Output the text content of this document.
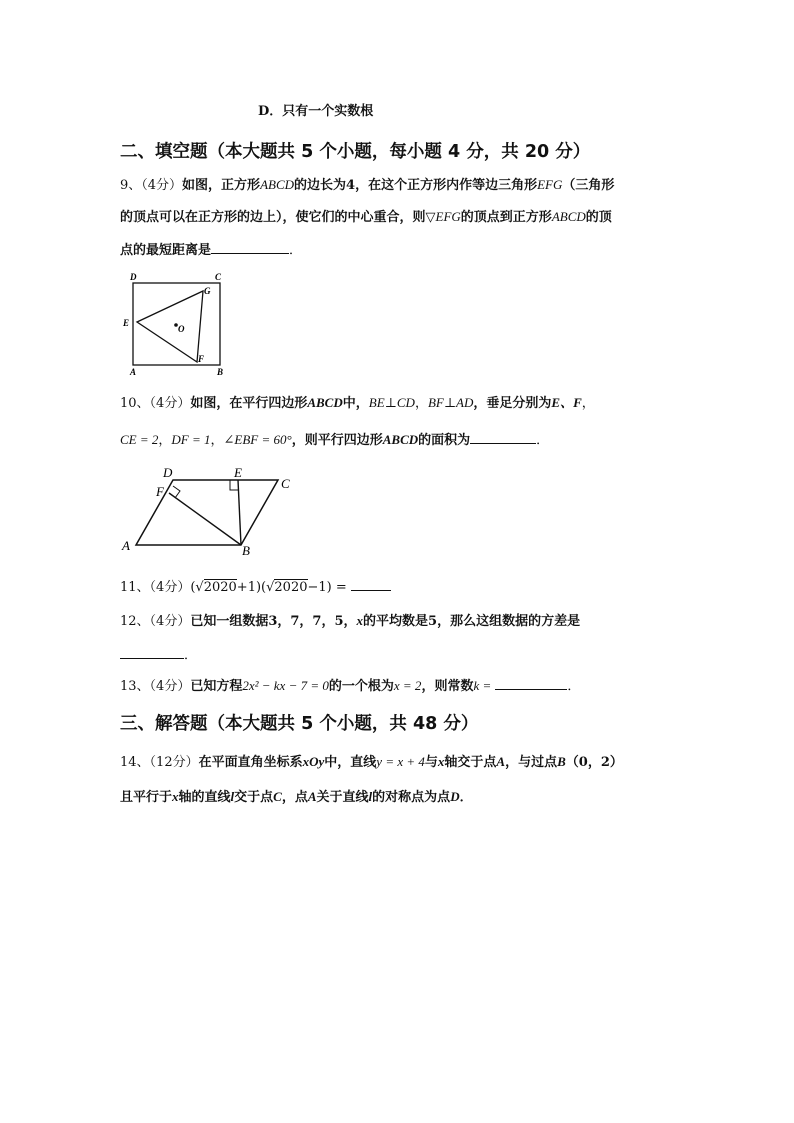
D．只有一个实数根
二、填空题（本大题共 5 个小题，每小题 4 分，共 20 分）
9、（4分）如图，正方形ABCD的边长为4，在这个正方形内作等边三角形EFG（三角形
的顶点可以在正方形的边上），使它们的中心重合，则▽EFG的顶点到正方形ABCD的顶
点的最短距离是	．
D	C
G
E
O
F
A	B
10、（4分）如图，在平行四边形ABCD中，BE⊥CD，BF⊥AD，垂足分别为E、F，
CE = 2，DF = 1，∠EBF = 60°，则平行四边形ABCD的面积为	．
D	E
C
F
A	B
11、（4分）(√2020+1)(√2020−1) =
12、（4分）已知一组数据3，7，7，5，x的平均数是5，那么这组数据的方差是
．
13、（4分）已知方程2x² − kx − 7 = 0的一个根为x = 2，则常数k =	．
三、解答题（本大题共 5 个小题，共 48 分）
14、（12分）在平面直角坐标系xOy中，直线y = x + 4与x轴交于点A，与过点B（0，2）
且平行于x轴的直线l交于点C，点A关于直线l的对称点为点D．
